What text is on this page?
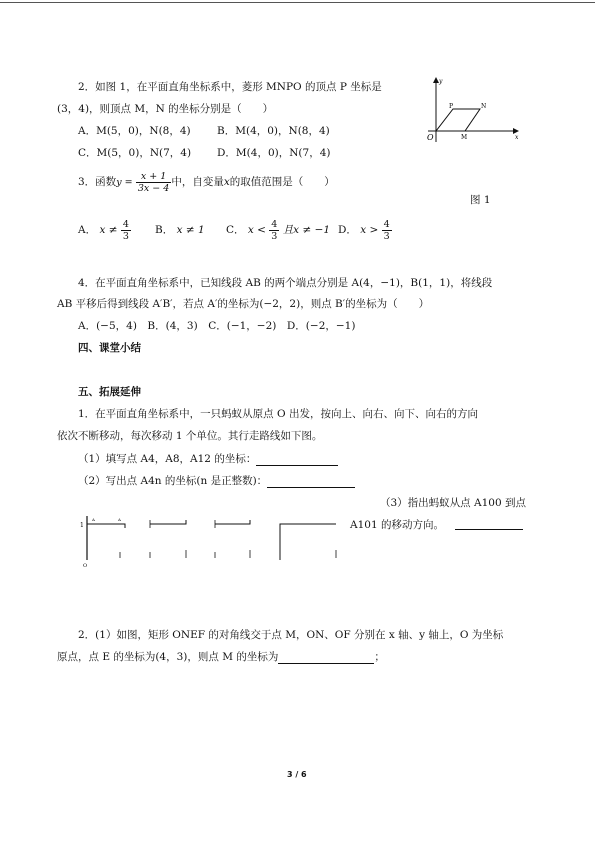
2．如图 1，在平面直角坐标系中，菱形 MNPO 的顶点 P 坐标是
(3，4)，则顶点 M，N 的坐标分别是（　　）
A．M(5，0)，N(8，4)	B．M(4，0)，N(8，4)
C．M(5，0)，N(7，4) D．M(4，0)，N(7，4)
O
P	N
M	x
y
图 1
3．函数$y = \frac{x + 1}{3x - 4}$ 中，自变量x的取值范围是（　　）
A． $x \ne \frac{4}{3}$ B． x ≠ 1 C． $x < \frac{4}{3}$ 且x ≠ −1 D． $x > \frac{4}{3}$
4．在平面直角坐标系中，已知线段 AB 的两个端点分别是 A(4，−1)，B(1，1)，将线段
AB 平移后得到线段 A′B′，若点 A′的坐标为(−2，2)，则点 B′的坐标为（　　）
A．(−5，4)　B．(4，3)　C．(−1，−2)　D．(−2，−1)
四、课堂小结
五、拓展延伸
1．在平面直角坐标系中，一只蚂蚁从原点 O 出发，按向上、向右、向下、向右的方向
依次不断移动，每次移动 1 个单位。其行走路线如下图。
（1）填写点 A4，A8，A12 的坐标：
（2）写出点 A4n 的坐标(n 是正整数)：
（3）指出蚂蚁从点 A100 到点
A101 的移动方向。
1
O
A	A
2．(1）如图，矩形 ONEF 的对角线交于点 M，ON、OF 分别在 x 轴、y 轴上，O 为坐标
原点，点 E 的坐标为(4，3)，则点 M 的坐标为	；
3 / 6
